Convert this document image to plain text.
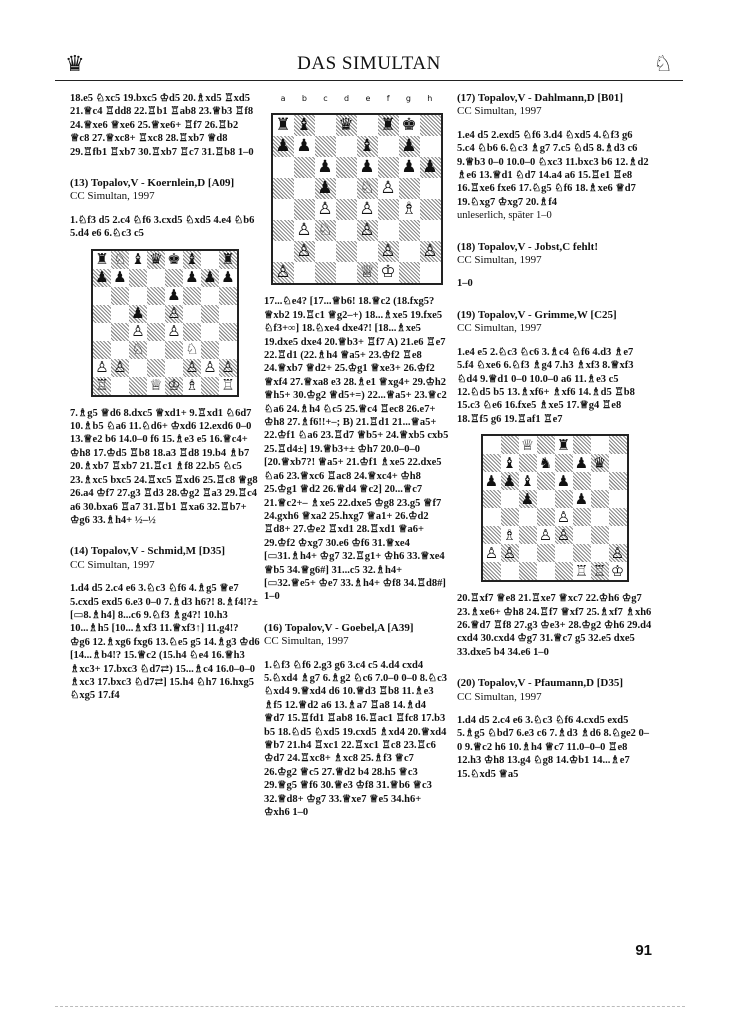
♛	DAS SIMULTAN	♘

18.e5 ♘xc5 19.bxc5 ♔d5 20.♗xd5 ♖xd5 21.♕c4 ♖dd8 22.♖b1 ♖ab8 23.♕b3 ♖f8 24.♕xe6 ♕xe6 25.♕xe6+ ♖f7 26.♖b2 ♕c8 27.♕xc8+ ♖xc8 28.♖xb7 ♕d8 29.♖fb1 ♖xb7 30.♖xb7 ♖c7 31.♖b8 1–0

(13) Topalov,V - Koernlein,D [A09]

CC Simultan, 1997

1.♘f3 d5 2.c4 ♘f6 3.cxd5 ♘xd5 4.e4 ♘b6 5.d4 e6 6.♘c3 c5

♜ ♘ ♝ ♛ ♚ ♝ ♜
♟ ♟	♟ ♟ ♟
♟
♟ ♙
♙ ♙
♘	♘
♙ ♙	♙ ♙ ♙
♖	♕ ♔ ♗ ♖

7.♗g5 ♕d6 8.dxc5 ♕xd1+ 9.♖xd1 ♘6d7 10.♗b5 ♘a6 11.♘d6+ ♔xd6 12.exd6 0–0 13.♕e2 b6 14.0–0 f6 15.♗e3 e5 16.♕c4+ ♔h8 17.♔d5 ♖b8 18.a3 ♖d8 19.b4 ♗b7 20.♗xb7 ♖xb7 21.♖c1 ♗f8 22.b5 ♘c5 23.♗xc5 bxc5 24.♖xc5 ♖xd6 25.♖c8 ♕g8 26.a4 ♔f7 27.g3 ♖d3 28.♔g2 ♖a3 29.♖c4 a6 30.bxa6 ♖a7 31.♖b1 ♖xa6 32.♖b7+ ♔g6 33.♗h4+ ½–½

(14) Topalov,V - Schmid,M [D35]

CC Simultan, 1997

1.d4 d5 2.c4 e6 3.♘c3 ♘f6 4.♗g5 ♕e7 5.cxd5 exd5 6.e3 0–0 7.♗d3 h6?! 8.♗f4!?± [▭8.♗h4] 8...c6 9.♘f3 ♗g4?! 10.h3 10...♗h5 [10...♗xf3 11.♕xf3↑] 11.g4!? ♔g6 12.♗xg6 fxg6 13.♘e5 g5 14.♗g3 ♔d6 [14...♗b4!? 15.♕c2 (15.h4 ♘e4 16.♕h3 ♗xc3+ 17.bxc3 ♘d7⇄) 15...♗c4 16.0–0–0 ♗xc3 17.bxc3 ♘d7⇄] 15.h4 ♘h7 16.hxg5 ♘xg5 17.f4

a b c d e f g h
♜ ♝ ♛ ♜ ♚
♟ ♟	♝ ♟
♟ ♟ ♟ ♟
♟ ♘ ♙
♙ ♙ ♗
♙ ♘ ♙
♙	♙ ♙
♙	♕ ♔

17...♘e4? [17...♕b6! 18.♕c2 (18.fxg5? ♕xb2 19.♖c1 ♕g2–+) 18...♗xe5 19.fxe5 ♘f3+∞] 18.♘xe4 dxe4?! [18...♗xe5 19.dxe5 dxe4 20.♕b3+ ♖f7 A) 21.e6 ♖e7 22.♖d1 (22.♗h4 ♕a5+ 23.♔f2 ♖e8 24.♕xb7 ♕d2+ 25.♔g1 ♕xe3+ 26.♔f2 ♕xf4 27.♕xa8 e3 28.♗e1 ♕xg4+ 29.♔h2 ♕h5+ 30.♔g2 ♕d5+=) 22...♕a5+ 23.♕c2 ♘a6 24.♗h4 ♘c5 25.♕c4 ♖ec8 26.e7+ ♔h8 27.♗f6!!+–; B) 21.♖d1 21...♕a5+ 22.♔f1 ♘a6 23.♖d7 ♕b5+ 24.♕xb5 cxb5 25.♖d4±] 19.♕b3+± ♔h7 20.0–0–0 [20.♕xb7?! ♕a5+ 21.♔f1 ♗xe5 22.dxe5 ♘a6 23.♕xc6 ♖ac8 24.♕xc4+ ♔h8 25.♔g1 ♕d2 26.♕d4 ♕c2] 20...♕c7 21.♕c2+– ♗xe5 22.dxe5 ♔g8 23.g5 ♕f7 24.gxh6 ♕xa2 25.hxg7 ♕a1+ 26.♔d2 ♖d8+ 27.♔e2 ♖xd1 28.♖xd1 ♕a6+ 29.♔f2 ♔xg7 30.e6 ♔f6 31.♕xe4 [▭31.♗h4+ ♔g7 32.♖g1+ ♔h6 33.♕xe4 ♕b5 34.♕g6#] 31...c5 32.♗h4+ [▭32.♕e5+ ♔e7 33.♗h4+ ♔f8 34.♖d8#] 1–0

(16) Topalov,V - Goebel,A [A39]

CC Simultan, 1997

1.♘f3 ♘f6 2.g3 g6 3.c4 c5 4.d4 cxd4 5.♘xd4 ♗g7 6.♗g2 ♘c6 7.0–0 0–0 8.♘c3 ♘xd4 9.♕xd4 d6 10.♕d3 ♖b8 11.♗e3 ♗f5 12.♕d2 a6 13.♗a7 ♖a8 14.♗d4 ♕d7 15.♖fd1 ♖ab8 16.♖ac1 ♖fc8 17.b3 b5 18.♘d5 ♘xd5 19.cxd5 ♗xd4 20.♕xd4 ♕b7 21.h4 ♖xc1 22.♖xc1 ♖c8 23.♖c6 ♔d7 24.♖xc8+ ♗xc8 25.♗f3 ♕c7 26.♔g2 ♕c5 27.♕d2 b4 28.h5 ♕c3 29.♕g5 ♕f6 30.♕e3 ♔f8 31.♕b6 ♕c3 32.♕d8+ ♔g7 33.♕xe7 ♕e5 34.h6+ ♔xh6 1–0

(17) Topalov,V - Dahlmann,D [B01]

CC Simultan, 1997

1.e4 d5 2.exd5 ♘f6 3.d4 ♘xd5 4.♘f3 g6 5.c4 ♘b6 6.♘c3 ♗g7 7.c5 ♘d5 8.♗d3 c6 9.♕b3 0–0 10.0–0 ♘xc3 11.bxc3 b6 12.♗d2 ♗e6 13.♕d1 ♘d7 14.a4 a6 15.♖e1 ♖e8 16.♖xe6 fxe6 17.♘g5 ♘f6 18.♗xe6 ♕d7 19.♘xg7 ♔xg7 20.♗f4

unleserlich, später 1–0

(18) Topalov,V - Jobst,C fehlt!

CC Simultan, 1997

1–0

(19) Topalov,V - Grimme,W [C25]

CC Simultan, 1997

1.e4 e5 2.♘c3 ♘c6 3.♗c4 ♘f6 4.d3 ♗e7 5.f4 ♘xe6 6.♘f3 ♗g4 7.h3 ♗xf3 8.♕xf3 ♘d4 9.♕d1 0–0 10.0–0 a6 11.♗e3 c5 12.♘d5 b5 13.♗xf6+ ♗xf6 14.♗d5 ♖b8 15.c3 ♘e6 16.fxe5 ♗xe5 17.♕g4 ♖e8 18.♖f5 g6 19.♖af1 ♖e7

♕ ♜
♝ ♞ ♟ ♛
♟ ♟ ♝ ♟
♟	♟
♙
♗ ♙ ♙
♙ ♙	♙
♖ ♖ ♔

20.♖xf7 ♕e8 21.♖xe7 ♕xc7 22.♔h6 ♔g7 23.♗xe6+ ♔h8 24.♖f7 ♕xf7 25.♗xf7 ♗xh6 26.♕d7 ♖f8 27.g3 ♔e3+ 28.♔g2 ♔h6 29.d4 cxd4 30.cxd4 ♔g7 31.♕c7 g5 32.e5 dxe5 33.dxe5 b4 34.e6 1–0

(20) Topalov,V - Pfaumann,D [D35]

CC Simultan, 1997

1.d4 d5 2.c4 e6 3.♘c3 ♘f6 4.cxd5 exd5 5.♗g5 ♘bd7 6.e3 c6 7.♗d3 ♗d6 8.♘ge2 0–0 9.♕c2 h6 10.♗h4 ♕c7 11.0–0–0 ♖e8 12.h3 ♔h8 13.g4 ♘g8 14.♔b1 14...♗e7 15.♘xd5 ♕a5

91
